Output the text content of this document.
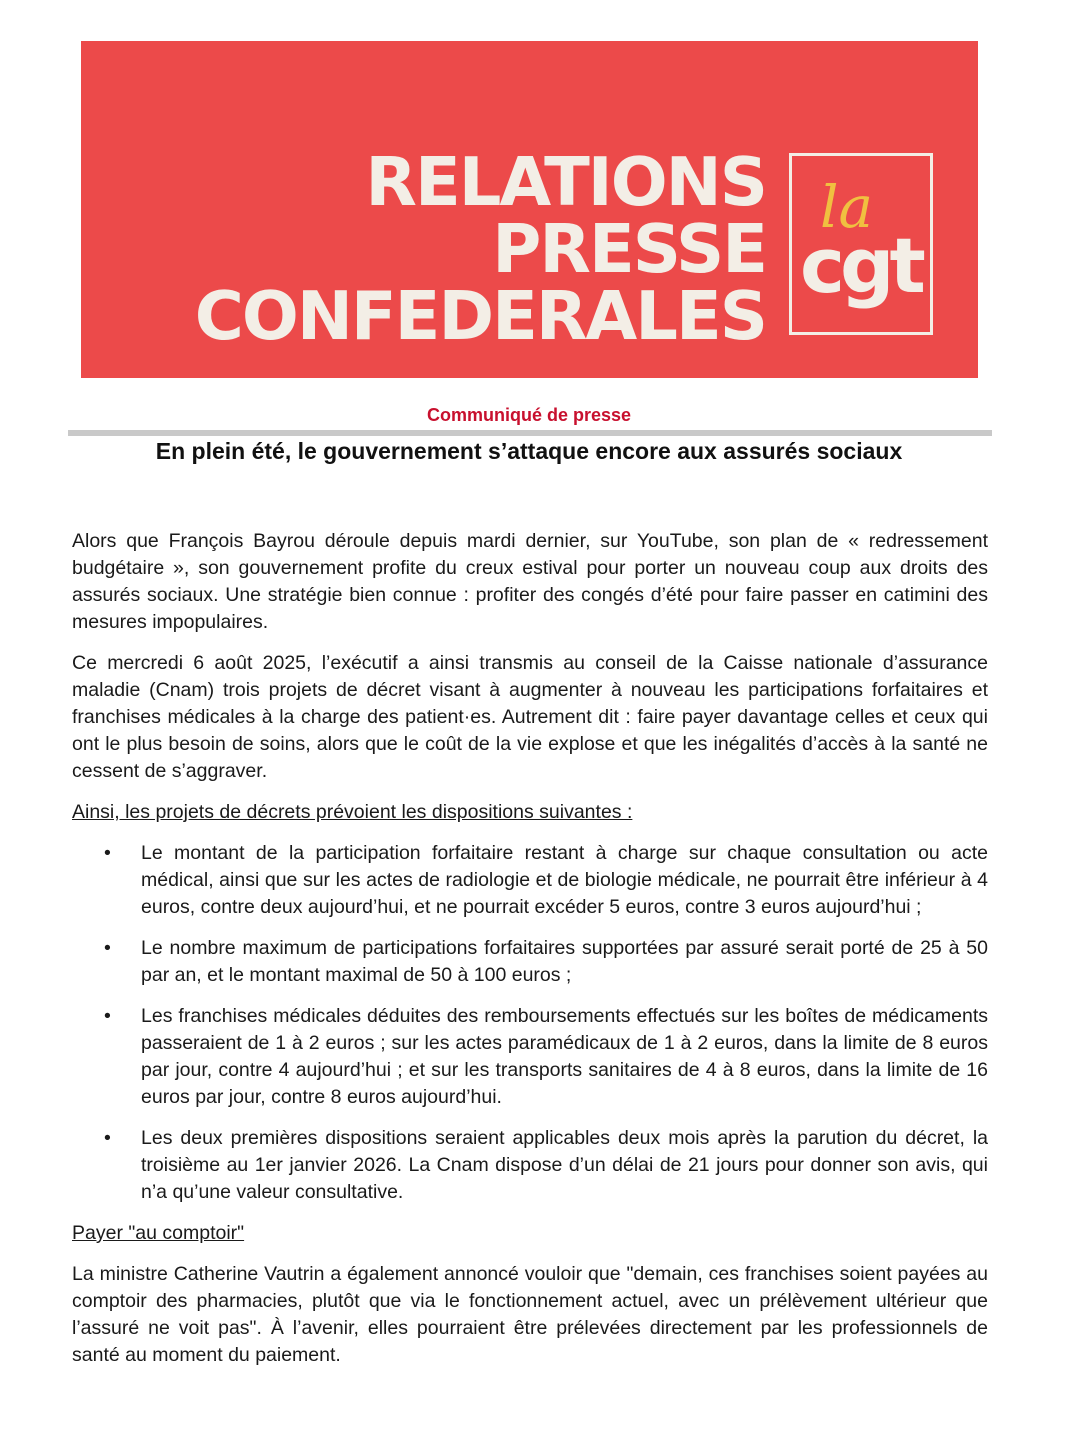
RELATIONS
PRESSE
CONFEDERALES
la
cgt
Communiqué de presse
En plein été, le gouvernement s’attaque encore aux assurés sociaux

Alors que François Bayrou déroule depuis mardi dernier, sur YouTube, son plan de « redressement budgétaire », son gouvernement profite du creux estival pour porter un nouveau coup aux droits des assurés sociaux. Une stratégie bien connue : profiter des congés d’été pour faire passer en catimini des mesures impopulaires.

Ce mercredi 6 août 2025, l’exécutif a ainsi transmis au conseil de la Caisse nationale d’assurance maladie (Cnam) trois projets de décret visant à augmenter à nouveau les participations forfaitaires et franchises médicales à la charge des patient·es. Autrement dit : faire payer davantage celles et ceux qui ont le plus besoin de soins, alors que le coût de la vie explose et que les inégalités d’accès à la santé ne cessent de s’aggraver.

Ainsi, les projets de décrets prévoient les dispositions suivantes :

• Le montant de la participation forfaitaire restant à charge sur chaque consultation ou acte médical, ainsi que sur les actes de radiologie et de biologie médicale, ne pourrait être inférieur à 4 euros, contre deux aujourd’hui, et ne pourrait excéder 5 euros, contre 3 euros aujourd’hui ;
• Le nombre maximum de participations forfaitaires supportées par assuré serait porté de 25 à 50 par an, et le montant maximal de 50 à 100 euros ;
• Les franchises médicales déduites des remboursements effectués sur les boîtes de médicaments passeraient de 1 à 2 euros ; sur les actes paramédicaux de 1 à 2 euros, dans la limite de 8 euros par jour, contre 4 aujourd’hui ; et sur les transports sanitaires de 4 à 8 euros, dans la limite de 16 euros par jour, contre 8 euros aujourd’hui.
• Les deux premières dispositions seraient applicables deux mois après la parution du décret, la troisième au 1er janvier 2026. La Cnam dispose d’un délai de 21 jours pour donner son avis, qui n’a qu’une valeur consultative.

Payer "au comptoir"

La ministre Catherine Vautrin a également annoncé vouloir que "demain, ces franchises soient payées au comptoir des pharmacies, plutôt que via le fonctionnement actuel, avec un prélèvement ultérieur que l’assuré ne voit pas". À l’avenir, elles pourraient être prélevées directement par les professionnels de santé au moment du paiement.
